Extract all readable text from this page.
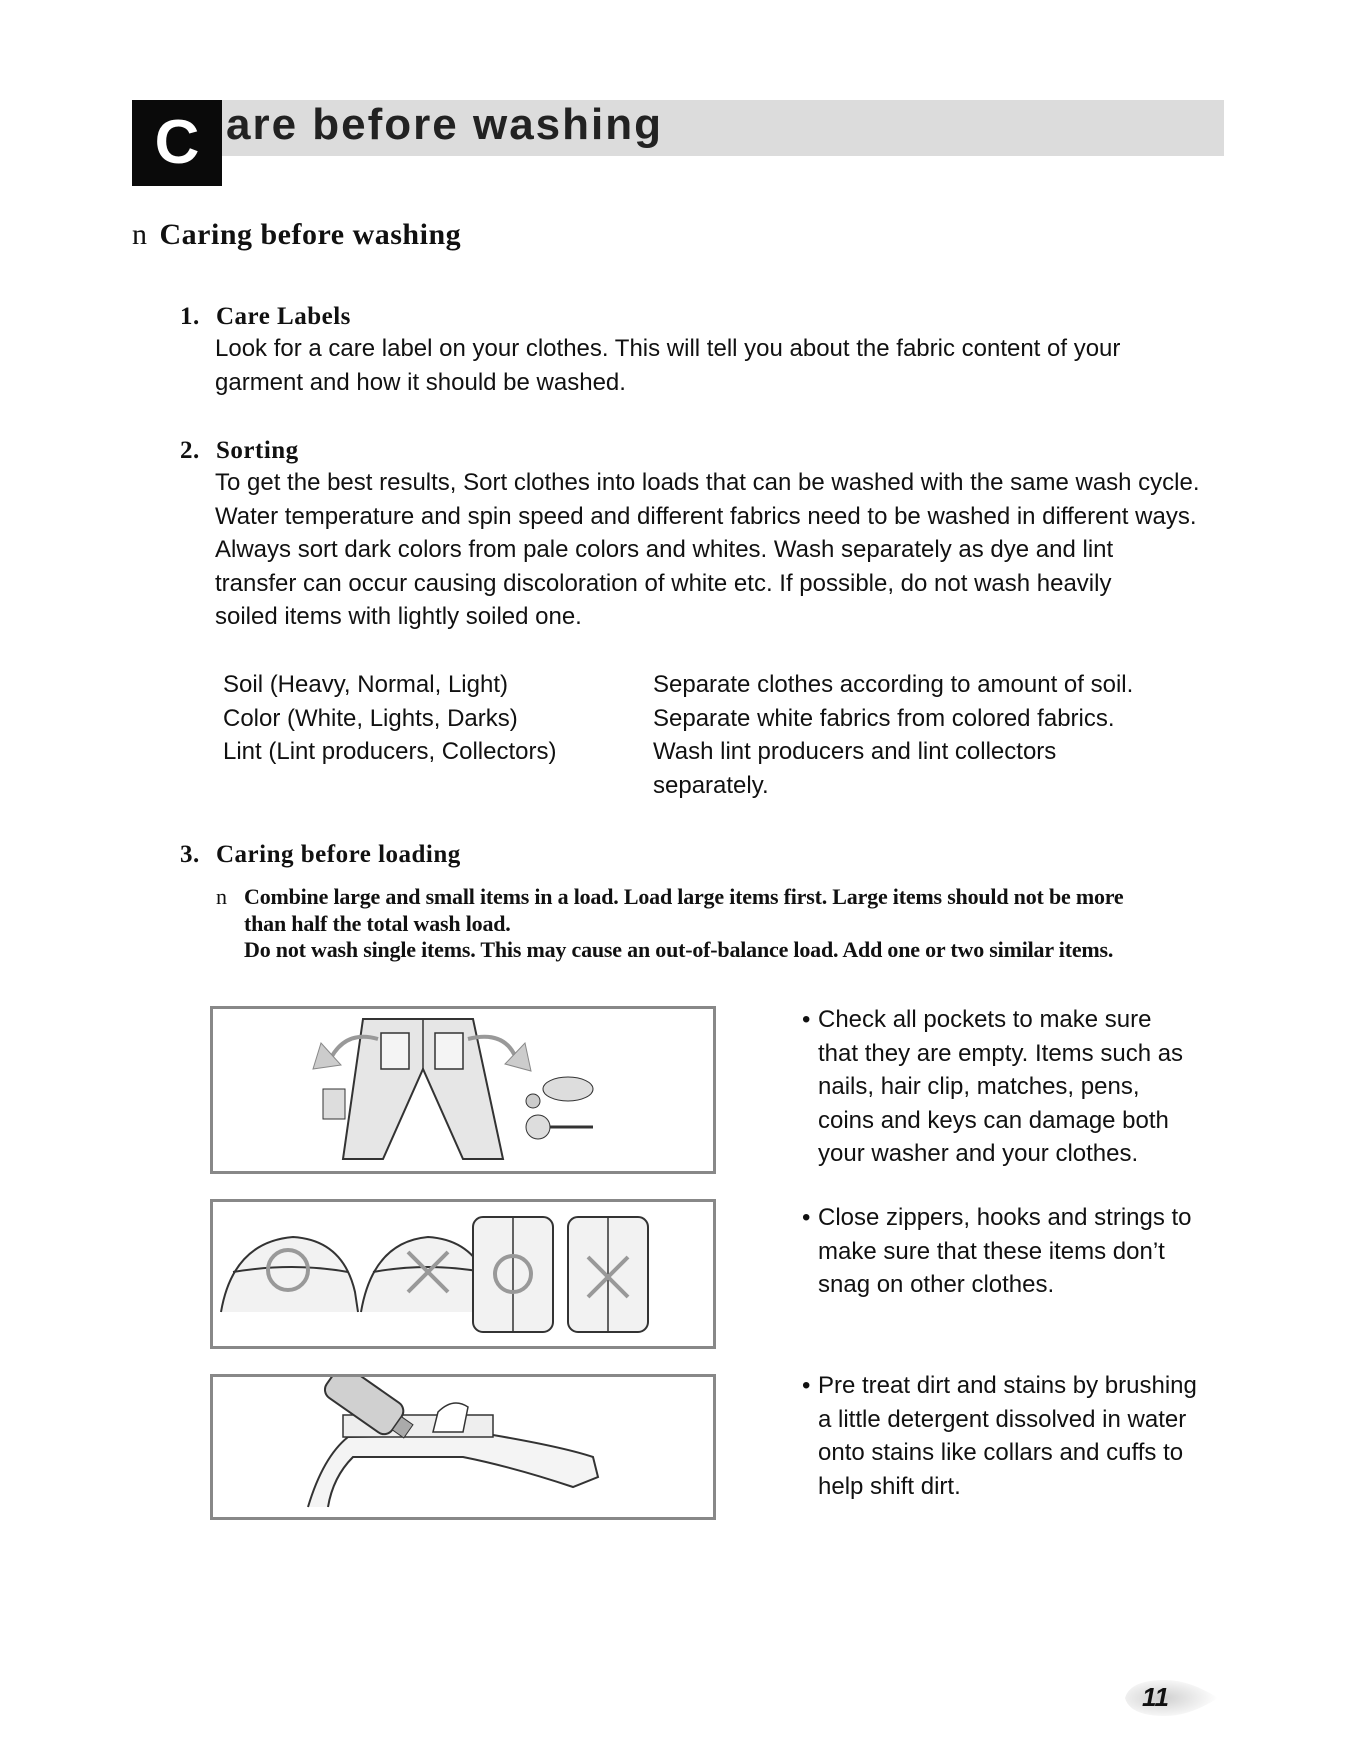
C are before washing
n Caring before washing
1. Care Labels
Look for a care label on your clothes. This will tell you about the fabric content of your
garment and how it should be washed.
2. Sorting
To get the best results, Sort clothes into loads that can be washed with the same wash cycle.
Water temperature and spin speed and different fabrics need to be washed in different ways.
Always sort dark colors from pale colors and whites. Wash separately as dye and lint
transfer can occur causing discoloration of white etc. If possible, do not wash heavily
soiled items with lightly soiled one.
Soil (Heavy, Normal, Light)
Color (White, Lights, Darks)
Lint (Lint producers, Collectors)
Separate clothes according to amount of soil.
Separate white fabrics from colored fabrics.
Wash lint producers and lint collectors
separately.
3. Caring before loading
n Combine large and small items in a load. Load large items first. Large items should not be more
than half the total wash load.
Do not wash single items. This may cause an out-of-balance load. Add one or two similar items.
• Check all pockets to make sure
that they are empty. Items such as
nails, hair clip, matches, pens,
coins and keys can damage both
your washer and your clothes.
• Close zippers, hooks and strings to
make sure that these items don’t
snag on other clothes.
• Pre treat dirt and stains by brushing
a little detergent dissolved in water
onto stains like collars and cuffs to
help shift dirt.
11
